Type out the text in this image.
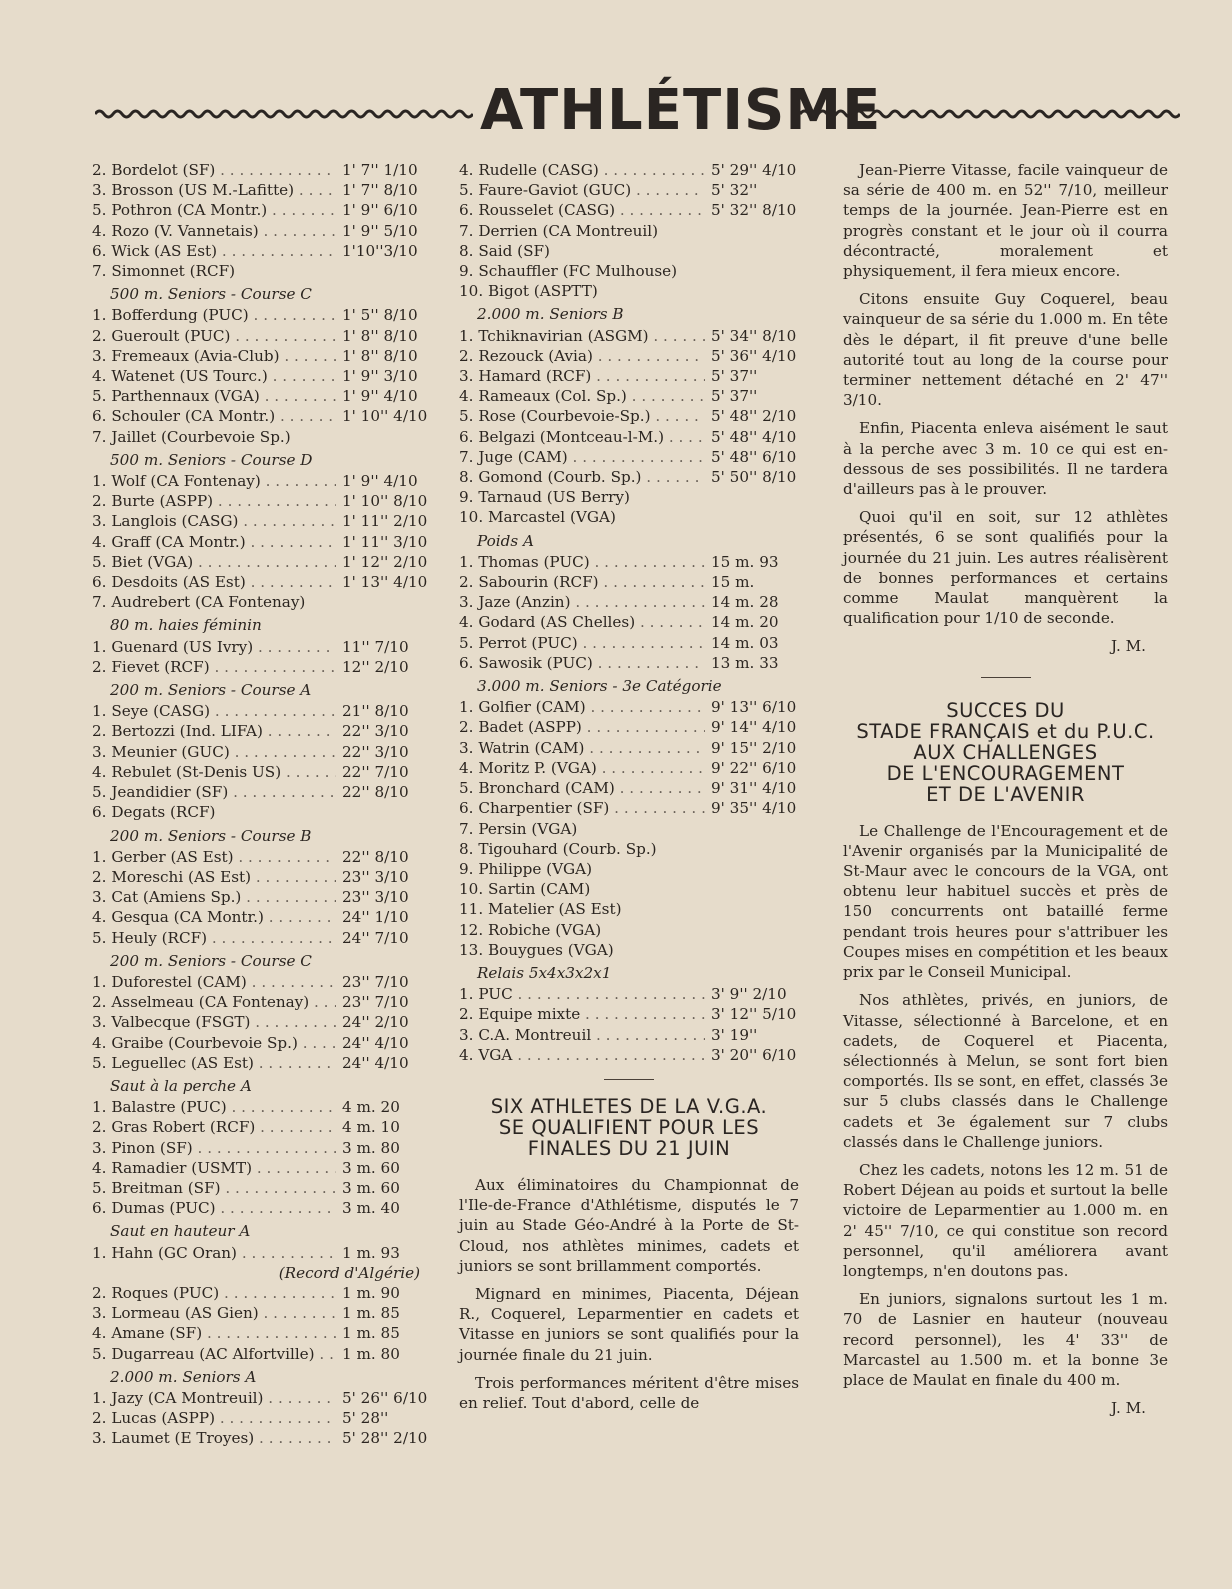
ATHLÉTISME
2. Bordelot (SF) . . .	1' 7'' 1/10
3. Brosson (US M.-Lafitte) . . .	1' 7'' 8/10
5. Pothron (CA Montr.) . . .	1' 9'' 6/10
4. Rozo (V. Vannetais) . . .	1' 9'' 5/10
6. Wick (AS Est) . . .	1'10''3/10
7. Simonnet (RCF)
500 m. Seniors - Course C
1. Bofferdung (PUC) . . .	1' 5'' 8/10
2. Gueroult (PUC) . . .	1' 8'' 8/10
3. Fremeaux (Avia-Club) . . .	1' 8'' 8/10
4. Watenet (US Tourc.) . . .	1' 9'' 3/10
5. Parthennaux (VGA) . . .	1' 9'' 4/10
6. Schouler (CA Montr.) . . .	1' 10'' 4/10
7. Jaillet (Courbevoie Sp.)
500 m. Seniors - Course D
1. Wolf (CA Fontenay) . . .	1' 9'' 4/10
2. Burte (ASPP) . . .	1' 10'' 8/10
3. Langlois (CASG) . . .	1' 11'' 2/10
4. Graff (CA Montr.) . . .	1' 11'' 3/10
5. Biet (VGA) . . .	1' 12'' 2/10
6. Desdoits (AS Est) . . .	1' 13'' 4/10
7. Audrebert (CA Fontenay)
80 m. haies féminin
1. Guenard (US Ivry) . . .	11'' 7/10
2. Fievet (RCF) . . .	12'' 2/10
200 m. Seniors - Course A
1. Seye (CASG) . . .	21'' 8/10
2. Bertozzi (Ind. LIFA) . . .	22'' 3/10
3. Meunier (GUC) . . .	22'' 3/10
4. Rebulet (St-Denis US) . . .	22'' 7/10
5. Jeandidier (SF) . . .	22'' 8/10
6. Degats (RCF)
200 m. Seniors - Course B
1. Gerber (AS Est) . . .	22'' 8/10
2. Moreschi (AS Est) . . .	23'' 3/10
3. Cat (Amiens Sp.) . . .	23'' 3/10
4. Gesqua (CA Montr.) . . .	24'' 1/10
5. Heuly (RCF) . . .	24'' 7/10
200 m. Seniors - Course C
1. Duforestel (CAM) . . .	23'' 7/10
2. Asselmeau (CA Fontenay) . . .	23'' 7/10
3. Valbecque (FSGT) . . .	24'' 2/10
4. Graibe (Courbevoie Sp.) . . .	24'' 4/10
5. Leguellec (AS Est) . . .	24'' 4/10
Saut à la perche A
1. Balastre (PUC) . . .	4 m. 20
2. Gras Robert (RCF) . . .	4 m. 10
3. Pinon (SF) . . .	3 m. 80
4. Ramadier (USMT) . . .	3 m. 60
5. Breitman (SF) . . .	3 m. 60
6. Dumas (PUC) . . .	3 m. 40
Saut en hauteur A
1. Hahn (GC Oran) . . .	1 m. 93
(Record d'Algérie)
2. Roques (PUC) . . .	1 m. 90
3. Lormeau (AS Gien) . . .	1 m. 85
4. Amane (SF) . . .	1 m. 85
5. Dugarreau (AC Alfortville) . . .	1 m. 80
2.000 m. Seniors A
1. Jazy (CA Montreuil) . . .	5' 26'' 6/10
2. Lucas (ASPP) . . .	5' 28''
3. Laumet (E Troyes) . . .	5' 28'' 2/10
4. Rudelle (CASG) . . .	5' 29'' 4/10
5. Faure-Gaviot (GUC) . . .	5' 32''
6. Rousselet (CASG) . . .	5' 32'' 8/10
7. Derrien (CA Montreuil)
8. Said (SF)
9. Schauffler (FC Mulhouse)
10. Bigot (ASPTT)
2.000 m. Seniors B
1. Tchiknavirian (ASGM) . . .	5' 34'' 8/10
2. Rezouck (Avia) . . .	5' 36'' 4/10
3. Hamard (RCF) . . .	5' 37''
4. Rameaux (Col. Sp.) . . .	5' 37''
5. Rose (Courbevoie-Sp.) . . .	5' 48'' 2/10
6. Belgazi (Montceau-l-M.) . . .	5' 48'' 4/10
7. Juge (CAM) . . .	5' 48'' 6/10
8. Gomond (Courb. Sp.) . . .	5' 50'' 8/10
9. Tarnaud (US Berry)
10. Marcastel (VGA)
Poids A
1. Thomas (PUC) . . .	15 m. 93
2. Sabourin (RCF) . . .	15 m.
3. Jaze (Anzin) . . .	14 m. 28
4. Godard (AS Chelles) . . .	14 m. 20
5. Perrot (PUC) . . .	14 m. 03
6. Sawosik (PUC) . . .	13 m. 33
3.000 m. Seniors - 3e Catégorie
1. Golfier (CAM) . . .	9' 13'' 6/10
2. Badet (ASPP) . . .	9' 14'' 4/10
3. Watrin (CAM) . . .	9' 15'' 2/10
4. Moritz P. (VGA) . . .	9' 22'' 6/10
5. Bronchard (CAM) . . .	9' 31'' 4/10
6. Charpentier (SF) . . .	9' 35'' 4/10
7. Persin (VGA)
8. Tigouhard (Courb. Sp.)
9. Philippe (VGA)
10. Sartin (CAM)
11. Matelier (AS Est)
12. Robiche (VGA)
13. Bouygues (VGA)
Relais 5x4x3x2x1
1. PUC . . .	3' 9'' 2/10
2. Equipe mixte . . .	3' 12'' 5/10
3. C.A. Montreuil . . .	3' 19''
4. VGA . . .	3' 20'' 6/10
SIX ATHLETES DE LA V.G.A.
SE QUALIFIENT POUR LES
FINALES DU 21 JUIN

Aux éliminatoires du Championnat de l'Ile-de-France d'Athlétisme, disputés le 7 juin au Stade Géo-André à la Porte de St-Cloud, nos athlètes minimes, cadets et juniors se sont brillamment comportés.

Mignard en minimes, Piacenta, Déjean R., Coquerel, Leparmentier en cadets et Vitasse en juniors se sont qualifiés pour la journée finale du 21 juin.

Trois performances méritent d'être mises en relief. Tout d'abord, celle de

Jean-Pierre Vitasse, facile vainqueur de sa série de 400 m. en 52'' 7/10, meilleur temps de la journée. Jean-Pierre est en progrès constant et le jour où il courra décontracté, moralement et physiquement, il fera mieux encore.

Citons ensuite Guy Coquerel, beau vainqueur de sa série du 1.000 m. En tête dès le départ, il fit preuve d'une belle autorité tout au long de la course pour terminer nettement détaché en 2' 47'' 3/10.

Enfin, Piacenta enleva aisément le saut à la perche avec 3 m. 10 ce qui est en-dessous de ses possibilités. Il ne tardera d'ailleurs pas à le prouver.

Quoi qu'il en soit, sur 12 athlètes présentés, 6 se sont qualifiés pour la journée du 21 juin. Les autres réalisèrent de bonnes performances et certains comme Maulat manquèrent la qualification pour 1/10 de seconde.

J. M.

SUCCES DU
STADE FRANÇAIS et du P.U.C.
AUX CHALLENGES
DE L'ENCOURAGEMENT
ET DE L'AVENIR

Le Challenge de l'Encouragement et de l'Avenir organisés par la Municipalité de St-Maur avec le concours de la VGA, ont obtenu leur habituel succès et près de 150 concurrents ont bataillé ferme pendant trois heures pour s'attribuer les Coupes mises en compétition et les beaux prix par le Conseil Municipal.

Nos athlètes, privés, en juniors, de Vitasse, sélectionné à Barcelone, et en cadets, de Coquerel et Piacenta, sélectionnés à Melun, se sont fort bien comportés. Ils se sont, en effet, classés 3e sur 5 clubs classés dans le Challenge cadets et 3e également sur 7 clubs classés dans le Challenge juniors.

Chez les cadets, notons les 12 m. 51 de Robert Déjean au poids et surtout la belle victoire de Leparmentier au 1.000 m. en 2' 45'' 7/10, ce qui constitue son record personnel, qu'il améliorera avant longtemps, n'en doutons pas.

En juniors, signalons surtout les 1 m. 70 de Lasnier en hauteur (nouveau record personnel), les 4' 33'' de Marcastel au 1.500 m. et la bonne 3e place de Maulat en finale du 400 m.

J. M.
